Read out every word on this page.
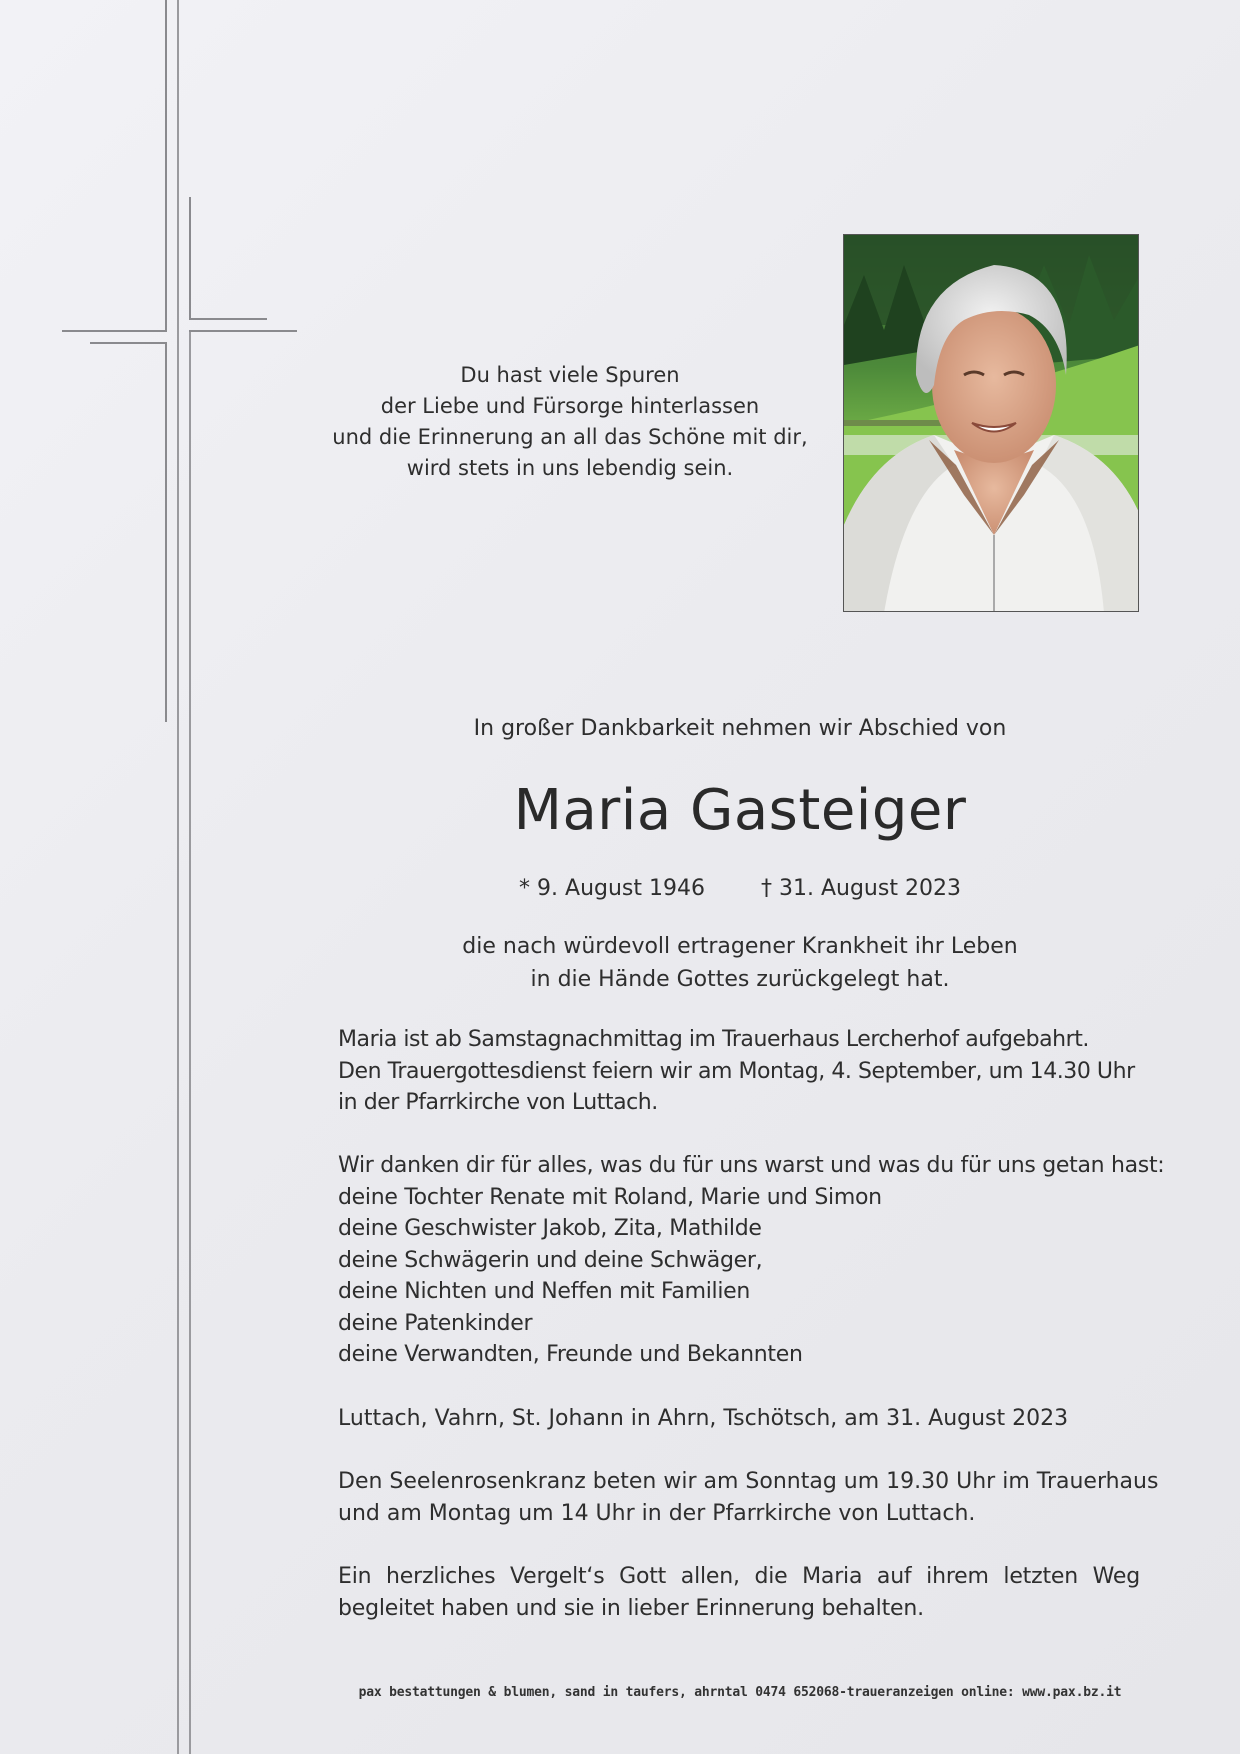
Du hast viele Spuren
der Liebe und Fürsorge hinterlassen
und die Erinnerung an all das Schöne mit dir,
wird stets in uns lebendig sein.
In großer Dankbarkeit nehmen wir Abschied von
Maria Gasteiger
* 9. August 1946	† 31. August 2023
die nach würdevoll ertragener Krankheit ihr Leben
in die Hände Gottes zurückgelegt hat.
Maria ist ab Samstagnachmittag im Trauerhaus Lercherhof aufgebahrt.
Den Trauergottesdienst feiern wir am Montag, 4. September, um 14.30 Uhr
in der Pfarrkirche von Luttach.
Wir danken dir für alles, was du für uns warst und was du für uns getan hast:
deine Tochter Renate mit Roland, Marie und Simon
deine Geschwister Jakob, Zita, Mathilde
deine Schwägerin und deine Schwäger,
deine Nichten und Neffen mit Familien
deine Patenkinder
deine Verwandten, Freunde und Bekannten
Luttach, Vahrn, St. Johann in Ahrn, Tschötsch, am 31. August 2023
Den Seelenrosenkranz beten wir am Sonntag um 19.30 Uhr im Trauerhaus
und am Montag um 14 Uhr in der Pfarrkirche von Luttach.
Ein herzliches Vergelt‘s Gott allen, die Maria auf ihrem letzten Weg
begleitet haben und sie in lieber Erinnerung behalten.
pax bestattungen & blumen, sand in taufers, ahrntal 0474 652068-traueranzeigen online: www.pax.bz.it
